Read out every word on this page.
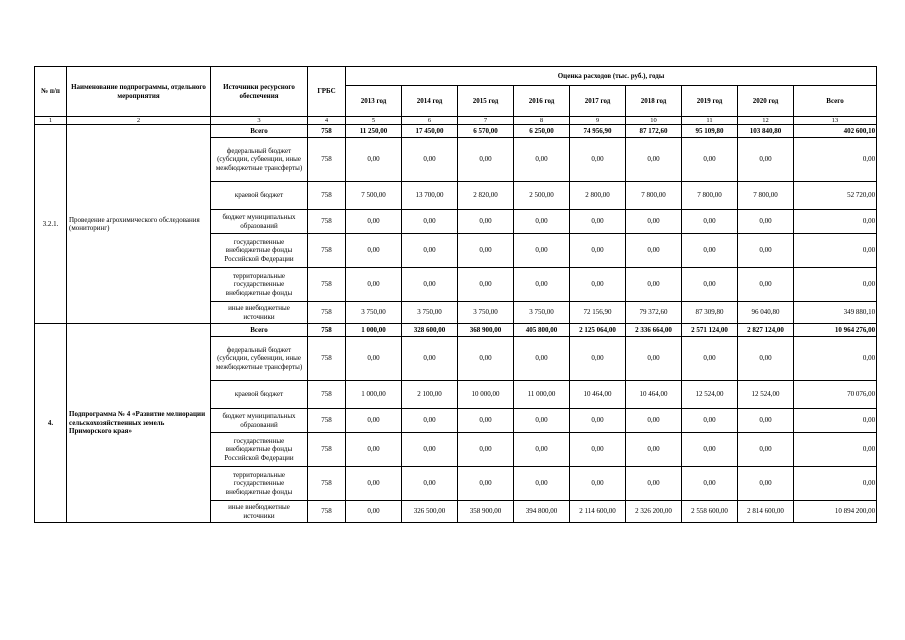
№ п/п	Наименование подпрограммы, отдельного мероприятия	Источники ресурсного обеспечения	ГРБС	Оценка расходов (тыс. руб.), годы								
				2013 год	2014 год	2015 год	2016 год	2017 год	2018 год	2019 год	2020 год	Всего
1	2	3	4	5	6	7	8	9	10	11	12	13
3.2.1.	Проведение агрохимического обследования (мониторинг)	Всего	758	11 250,00	17 450,00	6 570,00	6 250,00	74 956,90	87 172,60	95 109,80	103 840,80	402 600,10
		федеральный бюджет (субсидии, субвенции, иные межбюджетные трансферты)	758	0,00	0,00	0,00	0,00	0,00	0,00	0,00	0,00	0,00
		краевой бюджет	758	7 500,00	13 700,00	2 820,00	2 500,00	2 800,00	7 800,00	7 800,00	7 800,00	52 720,00
		бюджет муниципальных образований	758	0,00	0,00	0,00	0,00	0,00	0,00	0,00	0,00	0,00
		государственные внебюджетные фонды Российской Федерации	758	0,00	0,00	0,00	0,00	0,00	0,00	0,00	0,00	0,00
		территориальные государственные внебюджетные фонды	758	0,00	0,00	0,00	0,00	0,00	0,00	0,00	0,00	0,00
		иные внебюджетные источники	758	3 750,00	3 750,00	3 750,00	3 750,00	72 156,90	79 372,60	87 309,80	96 040,80	349 880,10
4.	Подпрограмма № 4 «Развитие мелиорации сельскохозяйственных земель Приморского края»	Всего	758	1 000,00	328 600,00	368 900,00	405 800,00	2 125 064,00	2 336 664,00	2 571 124,00	2 827 124,00	10 964 276,00
		федеральный бюджет (субсидии, субвенции, иные межбюджетные трансферты)	758	0,00	0,00	0,00	0,00	0,00	0,00	0,00	0,00	0,00
		краевой бюджет	758	1 000,00	2 100,00	10 000,00	11 000,00	10 464,00	10 464,00	12 524,00	12 524,00	70 076,00
		бюджет муниципальных образований	758	0,00	0,00	0,00	0,00	0,00	0,00	0,00	0,00	0,00
		государственные внебюджетные фонды Российской Федерации	758	0,00	0,00	0,00	0,00	0,00	0,00	0,00	0,00	0,00
		территориальные государственные внебюджетные фонды	758	0,00	0,00	0,00	0,00	0,00	0,00	0,00	0,00	0,00
		иные внебюджетные источники	758	0,00	326 500,00	358 900,00	394 800,00	2 114 600,00	2 326 200,00	2 558 600,00	2 814 600,00	10 894 200,00
